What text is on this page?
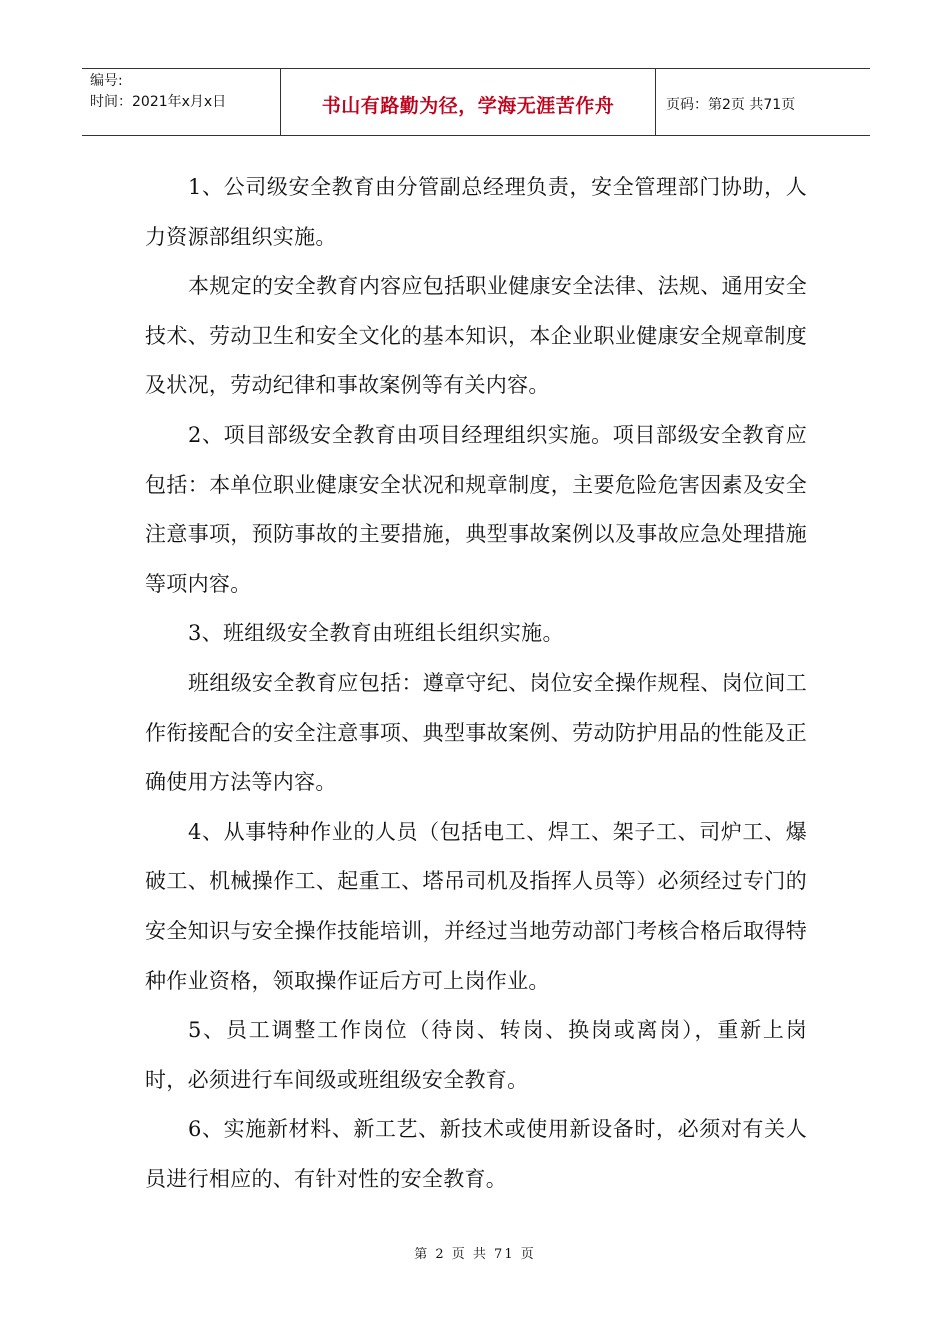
编号:
时间：2021年x月x日	书山有路勤为径，学海无涯苦作舟	页码：第2页 共71页

1、公司级安全教育由分管副总经理负责，安全管理部门协助，人力资源部组织实施。

本规定的安全教育内容应包括职业健康安全法律、法规、通用安全技术、劳动卫生和安全文化的基本知识，本企业职业健康安全规章制度及状况，劳动纪律和事故案例等有关内容。

2、项目部级安全教育由项目经理组织实施。项目部级安全教育应包括：本单位职业健康安全状况和规章制度，主要危险危害因素及安全注意事项，预防事故的主要措施，典型事故案例以及事故应急处理措施等项内容。

3、班组级安全教育由班组长组织实施。

班组级安全教育应包括：遵章守纪、岗位安全操作规程、岗位间工作衔接配合的安全注意事项、典型事故案例、劳动防护用品的性能及正确使用方法等内容。

4、从事特种作业的人员（包括电工、焊工、架子工、司炉工、爆破工、机械操作工、起重工、塔吊司机及指挥人员等）必须经过专门的安全知识与安全操作技能培训，并经过当地劳动部门考核合格后取得特种作业资格，领取操作证后方可上岗作业。

5、员工调整工作岗位（待岗、转岗、换岗或离岗），重新上岗时，必须进行车间级或班组级安全教育。

6、实施新材料、新工艺、新技术或使用新设备时，必须对有关人员进行相应的、有针对性的安全教育。

第 2 页 共 71 页
